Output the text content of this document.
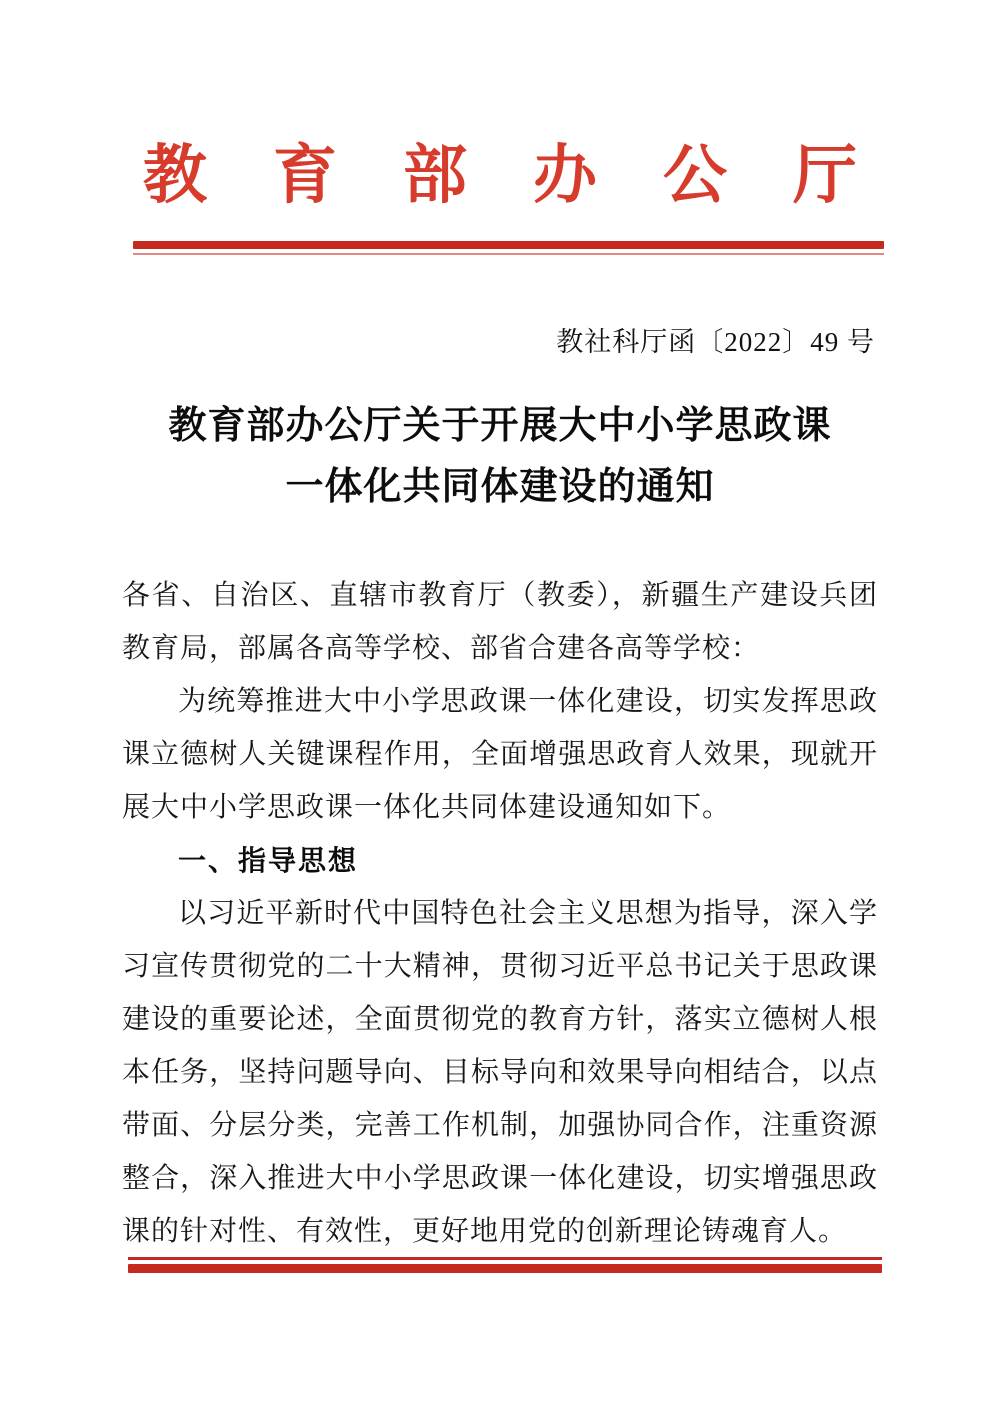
教育部办公厅
教社科厅函〔2022〕49 号
教育部办公厅关于开展大中小学思政课
一体化共同体建设的通知

各省、自治区、直辖市教育厅（教委），新疆生产建设兵团教育局，部属各高等学校、部省合建各高等学校：

为统筹推进大中小学思政课一体化建设，切实发挥思政课立德树人关键课程作用，全面增强思政育人效果，现就开展大中小学思政课一体化共同体建设通知如下。

一、指导思想

以习近平新时代中国特色社会主义思想为指导，深入学习宣传贯彻党的二十大精神，贯彻习近平总书记关于思政课建设的重要论述，全面贯彻党的教育方针，落实立德树人根本任务，坚持问题导向、目标导向和效果导向相结合，以点带面、分层分类，完善工作机制，加强协同合作，注重资源整合，深入推进大中小学思政课一体化建设，切实增强思政课的针对性、有效性，更好地用党的创新理论铸魂育人。
